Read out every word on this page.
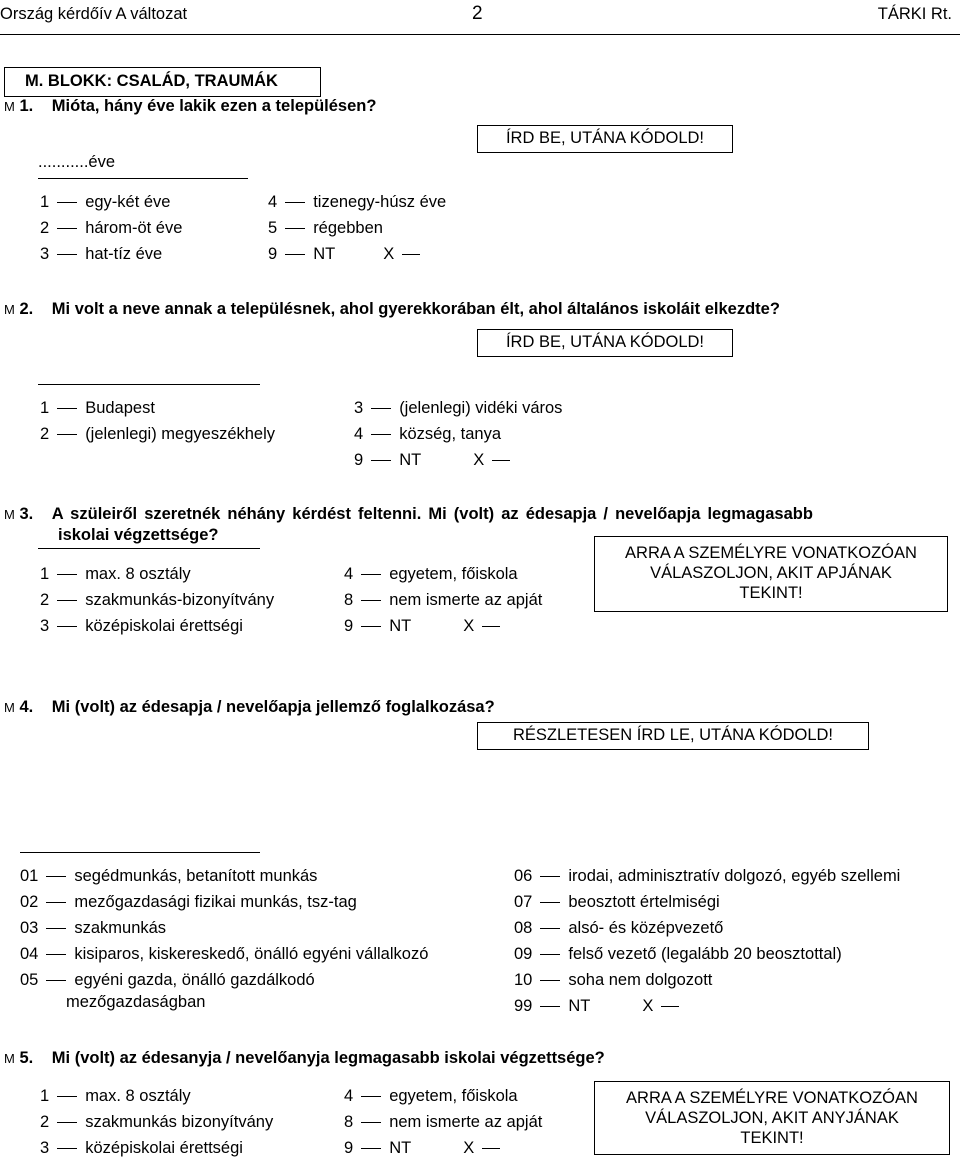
Ország kérdőív A változat	2	TÁRKI Rt.
M. BLOKK: CSALÁD, TRAUMÁK
M 1. Mióta, hány éve lakik ezen a településen?
ÍRD BE, UTÁNA KÓDOLD!
...........éve
1 egy-két éve
2 három-öt éve
3 hat-tíz éve
4 tizenegy-húsz éve
5 régebben
9 NT	X
M 2. Mi volt a neve annak a településnek, ahol gyerekkorában élt, ahol általános iskoláit elkezdte?
ÍRD BE, UTÁNA KÓDOLD!
1 Budapest
2 (jelenlegi) megyeszékhely
3 (jelenlegi) vidéki város
4 község, tanya
9 NT	X
M 3. A szüleiről szeretnék néhány kérdést feltenni. Mi (volt) az édesapja / nevelőapja legmagasabb
iskolai végzettsége?
ARRA A SZEMÉLYRE VONATKOZÓAN
VÁLASZOLJON, AKIT APJÁNAK
TEKINT!
1 max. 8 osztály
2 szakmunkás-bizonyítvány
3 középiskolai érettségi
4 egyetem, főiskola
8 nem ismerte az apját
9 NT	X
M 4. Mi (volt) az édesapja / nevelőapja jellemző foglalkozása?
RÉSZLETESEN ÍRD LE, UTÁNA KÓDOLD!
01 segédmunkás, betanított munkás
02 mezőgazdasági fizikai munkás, tsz-tag
03 szakmunkás
04 kisiparos, kiskereskedő, önálló egyéni vállalkozó
05 egyéni gazda, önálló gazdálkodó
mezőgazdaságban
06 irodai, adminisztratív dolgozó, egyéb szellemi
07 beosztott értelmiségi
08 alsó- és középvezető
09 felső vezető (legalább 20 beosztottal)
10 soha nem dolgozott
99 NT	X
M 5. Mi (volt) az édesanyja / nevelőanyja legmagasabb iskolai végzettsége?
ARRA A SZEMÉLYRE VONATKOZÓAN
VÁLASZOLJON, AKIT ANYJÁNAK
TEKINT!
1 max. 8 osztály
2 szakmunkás bizonyítvány
3 középiskolai érettségi
4 egyetem, főiskola
8 nem ismerte az apját
9 NT	X
